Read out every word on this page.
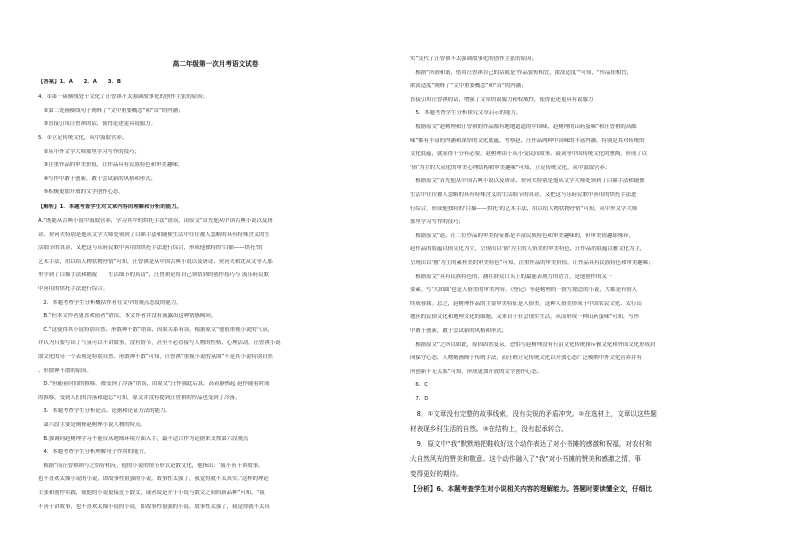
高二年级第一次月考语文试卷
【答案】1．A　　2．A　　3．B
4．①第一届横线处于文化了汪曾祺不太强调故事化的创作主张的原因；
　②第二处画横线句子阐释了“文中重要概念”和“首”的内涵；
　③直接引用汪曾祺的话，使得论述更具说服力。
5．①立足传统文化，从中汲取营养；
　②从中外文学大师那里学习写作的技巧；
　③注重作品的审美价值，让作品具有民族特色和审美趣味；
　④写作中敢于创新，敢于尝试新的风格和形式；
　⑤积极更加开放的文学创作心态。
【解析】1．本题考查学生对文章内容的理解和分析的能力。
A.“既能从古典小说中汲取营养，学习其中的烘托手法”错误，由原文“首先他从中国古典小说以及唐
诗、契诃夫特别是他从文学大师处领到了白描手法和随便生活中往往被人忽略的具有特殊含义的生
活细节的真诗，又把这与乐府民歌中善用的烘托手法进行综合，形成他独特的‘白描——烘托’的
艺术手法，用以给人物状物抒情”可知，汪曾祺是从中国古典小说以及唐诗、契诃夫和沈从文等人那
里学到了白描手法和捕捉　　生活细节的真诗”，汪曾祺是将自己领悟到的创作技巧与 汲乐府民歌
中善用的烘托手法进行综合。
　2．本题考查学生分析概括作者在文中的观点态度的能力。
　B.“但本文作者更喜欢前者”错误，本文作者并没有流露出这种情感倾向。
　C.“这使得其小说特别自然、形散神不散”错误，因果关系有误。根据原文“他很重视小说的气氛，
并认为只要写出了气氛可以不讲故事，没有情节，甚至不必直接写人物的性格、心理活动。汪曾祺小说
散文化的另一个表现是特别自然、形散神不散”可知，汪曾祺“重视小说的氛围”不是其小说特别自然
、形散神不散的原因。
　D.“但随着时间的推移，都受到了冷落”错误，由原文“汪作强此后算，高着静热起 赵作随着时间
的推移，受到人们的冷落和遗忘”可知，原文并没有提到汪曾祺的作品也受到了冷落。
　3．本题考查学生分析论点、论据和论证方法的能力。
　第六段主要是阐释赵树理小说人物的特点。
　B.强调同赵树理学习不能仅从地域环境方面入手，最不适合作为论据来支撑第六段观点
　4．本题考查学生分析理解句子作用的能力。
　根据“而汪曾祺则与之恰好相反，他的小说的情节形式是散文化，他指出：‘我不善于讲故事，
也不喜欢太像小说的小说，即故事性很强的小说。故事性太强了，我觉得就不太真实。’这样的理论
主张和创作实践，使他的小说更接近于散文，或者说是介于小说与散文之间的新品种”可知，“我
不善于讲故事，也不喜欢太像小说的小说，即故事性很强的小说。故事性太强了，我觉得就不太真
实”交代了汪曾祺不太强调故事化的创作主张的原因；
　根据“所谓和谐，借用汪曾祺自己的话就是‘作品要短相宜，浓淡适度’”可知，“作品短相宜，
浓淡适度”阐释了“文中重要概念”和“首”的内涵；
直接引用汪曾祺的话，增强了文章的说服力和权威性，使得论述更具有说服力
　5．本题考查学生分析探究文章启示的能力。
　根据原文“赵树理和汪曾祺的作品都有地地道道的中国味，赵树理的山药蛋味”和汪曾祺的高邮
味”都有丰富的内涵和深厚的文化底蕴。考察赵、汪作品两种中国味的丰富内涵，特别是其对传统的
文化底蕴，就显得十分有必要。赵树理由于从小受民间故事、鼓词等中国传统文化的熏陶，形成了以
‘俗’为主的大众化的审美心理结构和审美趣味”可知，立足传统文化，从中汲取营养；
　根据原文“首先他从中国古典小说以及唐诗、契诃夫特别是他从文学大师处领到了白描手法和随便
生活中往往被人忽略的具有特殊含义的生活细节的真诗，又把这与乐府民歌中善用的烘托手法进
行综合，形成他独特的‘白描——烘托’的艺术手法，用以给人物状物抒情”可知，从中外文学大师
那里学习写作的技巧；
　根据原文“赵、汪二位作品的审美特征都是丰富民族特色和审美趣味的，但审美情趣却殊异，
赵作品的底蕴以俗文化为主，呈现出以‘俗’为主的人俗美的审美特色，汪作品的底蕴以雅文化为主，
呈现出以‘雅’为主的素朴美的审美特色”可知，注重作品的审美价值，让作品具有民族特色和审美趣味；
　根据原文“具有民族特色的，涵在群众口头上的最能表现力的语言，是他创作的又一
要素。写‘大团圆’也是人俗美的审美内容。《登记》等赵树理的一批写婚恋的小说，大都是有情人
终成眷属。总之，赵树理作品的主要审美特征是人俗美。这种人俗美形成于中国农民文化、太行山
地区的民俗文化和地理文化的细胞，又来自于社会现实生活，从而形成一种山药蛋味”可知，写作
中敢于创新，敢于尝试新的风格和形式；
　根据原文“之所以如此，原因固然复杂，恐怕与赵树理没有行沿文化传统排斥雅文化和外国文化形成封
闭保守心态，人物刻画囿于传统手法，而汪则立足传统文化以开放心态广泛吸纳中外文化营养并有
所创新不无关系”可知，形成更加开放的文学创作心态。
　6．C
　7．D
　8．①文章没有完整的故事线索，没有尖锐的矛盾冲突。②在选材上，文章以这些题
材表现乡村生活的自然。③在结构上，没有起承转合。
　9．原文中“我”默默地把鞋收好这个动作表达了对小书摊的感激和祝福，对农村和
大自然风光的赞美和敬意。这个动作融入了“我”对小书摊的赞美和感激之情、事
变得更好的期待。
【分析】6、本题考查学生对小说相关内容的理解能力。答题时要读懂全文，仔细比
